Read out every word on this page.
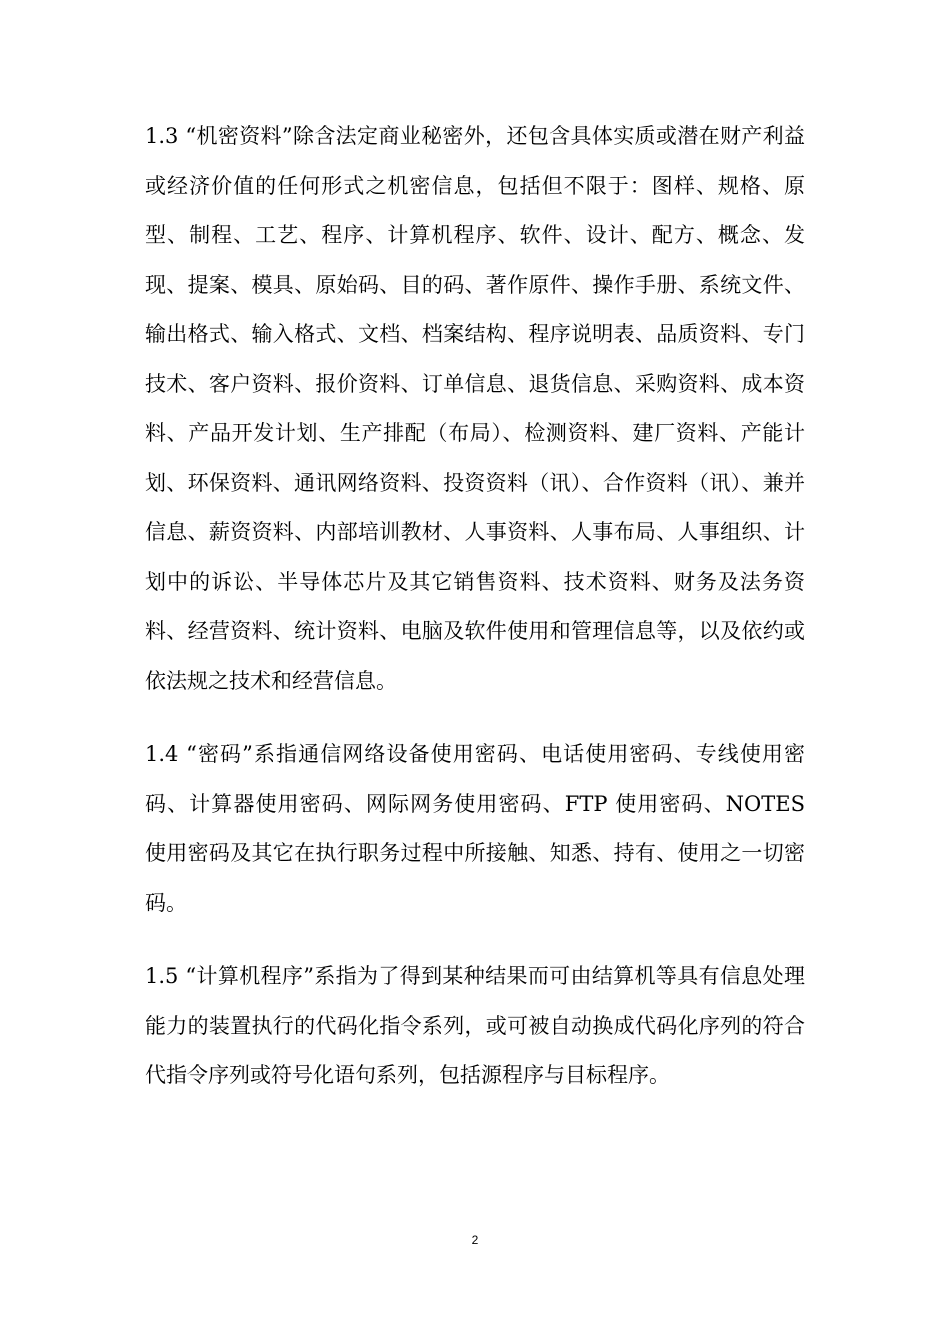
1.3 “机密资料”除含法定商业秘密外，还包含具体实质或潜在财产利益或经济价值的任何形式之机密信息，包括但不限于：图样、规格、原型、制程、工艺、程序、计算机程序、软件、设计、配方、概念、发现、提案、模具、原始码、目的码、著作原件、操作手册、系统文件、输出格式、输入格式、文档、档案结构、程序说明表、品质资料、专门技术、客户资料、报价资料、订单信息、退货信息、采购资料、成本资料、产品开发计划、生产排配（布局）、检测资料、建厂资料、产能计划、环保资料、通讯网络资料、投资资料（讯）、合作资料（讯）、兼并信息、薪资资料、内部培训教材、人事资料、人事布局、人事组织、计划中的诉讼、半导体芯片及其它销售资料、技术资料、财务及法务资料、经营资料、统计资料、电脑及软件使用和管理信息等，以及依约或依法规之技术和经营信息。

1.4 “密码”系指通信网络设备使用密码、电话使用密码、专线使用密码、计算器使用密码、网际网务使用密码、FTP 使用密码、NOTES 使用密码及其它在执行职务过程中所接触、知悉、持有、使用之一切密码。

1.5 “计算机程序”系指为了得到某种结果而可由结算机等具有信息处理能力的装置执行的代码化指令系列，或可被自动换成代码化序列的符合代指令序列或符号化语句系列，包括源程序与目标程序。

2
